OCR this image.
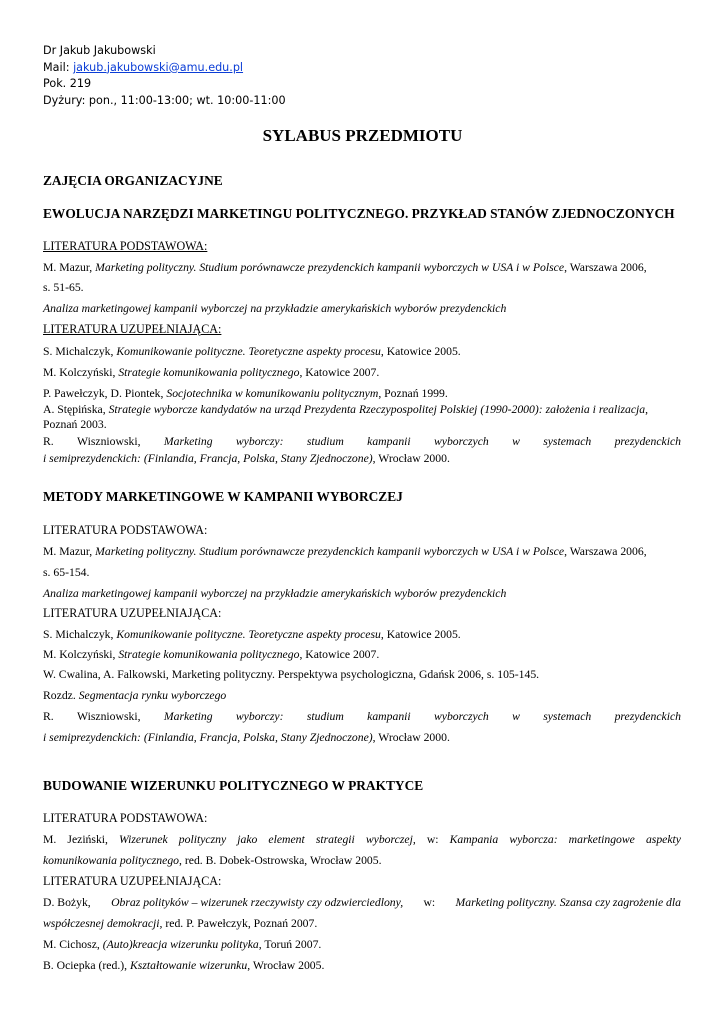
Dr Jakub Jakubowski
Mail: jakub.jakubowski@amu.edu.pl
Pok. 219
Dyżury: pon., 11:00-13:00; wt. 10:00-11:00
SYLABUS PRZEDMIOTU
ZAJĘCIA ORGANIZACYJNE
EWOLUCJA NARZĘDZI MARKETINGU POLITYCZNEGO. PRZYKŁAD STANÓW ZJEDNOCZONYCH
LITERATURA PODSTAWOWA:
M. Mazur, Marketing polityczny. Studium porównawcze prezydenckich kampanii wyborczych w USA i w Polsce, Warszawa 2006,
s. 51-65.
Analiza marketingowej kampanii wyborczej na przykładzie amerykańskich wyborów prezydenckich
LITERATURA UZUPEŁNIAJĄCA:
S. Michalczyk, Komunikowanie polityczne. Teoretyczne aspekty procesu, Katowice 2005.
M. Kolczyński, Strategie komunikowania politycznego, Katowice 2007.
P. Pawełczyk, D. Piontek, Socjotechnika w komunikowaniu politycznym, Poznań 1999.
A. Stępińska, Strategie wyborcze kandydatów na urząd Prezydenta Rzeczypospolitej Polskiej (1990-2000): założenia i realizacja,
Poznań 2003.
R. Wiszniowski, Marketing wyborczy: studium kampanii wyborczych w systemach prezydenckich
i semiprezydenckich: (Finlandia, Francja, Polska, Stany Zjednoczone), Wrocław 2000.
METODY MARKETINGOWE W KAMPANII WYBORCZEJ
LITERATURA PODSTAWOWA:
M. Mazur, Marketing polityczny. Studium porównawcze prezydenckich kampanii wyborczych w USA i w Polsce, Warszawa 2006,
s. 65-154.
Analiza marketingowej kampanii wyborczej na przykładzie amerykańskich wyborów prezydenckich
LITERATURA UZUPEŁNIAJĄCA:
S. Michalczyk, Komunikowanie polityczne. Teoretyczne aspekty procesu, Katowice 2005.
M. Kolczyński, Strategie komunikowania politycznego, Katowice 2007.
W. Cwalina, A. Falkowski, Marketing polityczny. Perspektywa psychologiczna, Gdańsk 2006, s. 105-145.
Rozdz. Segmentacja rynku wyborczego
R. Wiszniowski, Marketing wyborczy: studium kampanii wyborczych w systemach prezydenckich
i semiprezydenckich: (Finlandia, Francja, Polska, Stany Zjednoczone), Wrocław 2000.
BUDOWANIE WIZERUNKU POLITYCZNEGO W PRAKTYCE
LITERATURA PODSTAWOWA:
M. Jeziński, Wizerunek polityczny jako element strategii wyborczej, w: Kampania wyborcza: marketingowe aspekty
komunikowania politycznego, red. B. Dobek-Ostrowska, Wrocław 2005.
LITERATURA UZUPEŁNIAJĄCA:
D. Bożyk, Obraz polityków – wizerunek rzeczywisty czy odzwierciedlony, w: Marketing polityczny. Szansa czy zagrożenie dla
współczesnej demokracji, red. P. Pawełczyk, Poznań 2007.
M. Cichosz, (Auto)kreacja wizerunku polityka, Toruń 2007.
B. Ociepka (red.), Kształtowanie wizerunku, Wrocław 2005.
